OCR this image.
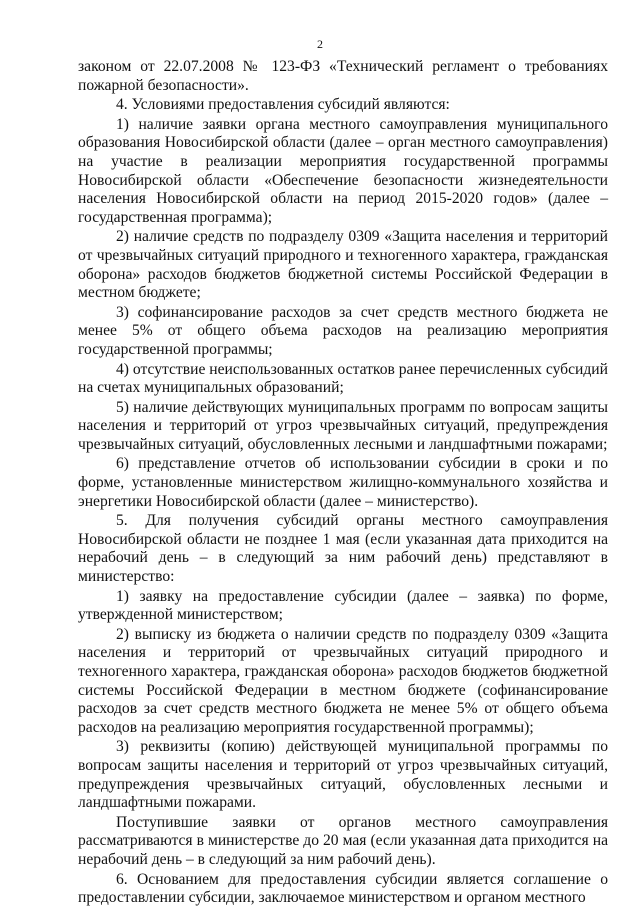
2

законом от 22.07.2008 № 123-ФЗ «Технический регламент о требованиях пожарной безопасности».

4. Условиями предоставления субсидий являются:

1) наличие заявки органа местного самоуправления муниципального образования Новосибирской области (далее – орган местного самоуправления) на участие в реализации мероприятия государственной программы Новосибирской области «Обеспечение безопасности жизнедеятельности населения Новосибирской области на период 2015-2020 годов» (далее – государственная программа);

2) наличие средств по подразделу 0309 «Защита населения и территорий от чрезвычайных ситуаций природного и техногенного характера, гражданская оборона» расходов бюджетов бюджетной системы Российской Федерации в местном бюджете;

3) софинансирование расходов за счет средств местного бюджета не менее 5% от общего объема расходов на реализацию мероприятия государственной программы;

4) отсутствие неиспользованных остатков ранее перечисленных субсидий на счетах муниципальных образований;

5) наличие действующих муниципальных программ по вопросам защиты населения и территорий от угроз чрезвычайных ситуаций, предупреждения чрезвычайных ситуаций, обусловленных лесными и ландшафтными пожарами;

6) представление отчетов об использовании субсидии в сроки и по форме, установленные министерством жилищно-коммунального хозяйства и энергетики Новосибирской области (далее – министерство).

5. Для получения субсидий органы местного самоуправления Новосибирской области не позднее 1 мая (если указанная дата приходится на нерабочий день – в следующий за ним рабочий день) представляют в министерство:

1) заявку на предоставление субсидии (далее – заявка) по форме, утвержденной министерством;

2) выписку из бюджета о наличии средств по подразделу 0309 «Защита населения и территорий от чрезвычайных ситуаций природного и техногенного характера, гражданская оборона» расходов бюджетов бюджетной системы Российской Федерации в местном бюджете (софинансирование расходов за счет средств местного бюджета не менее 5% от общего объема расходов на реализацию мероприятия государственной программы);

3) реквизиты (копию) действующей муниципальной программы по вопросам защиты населения и территорий от угроз чрезвычайных ситуаций, предупреждения чрезвычайных ситуаций, обусловленных лесными и ландшафтными пожарами.

Поступившие заявки от органов местного самоуправления рассматриваются в министерстве до 20 мая (если указанная дата приходится на нерабочий день – в следующий за ним рабочий день).

6. Основанием для предоставления субсидии является соглашение о предоставлении субсидии, заключаемое министерством и органом местного
